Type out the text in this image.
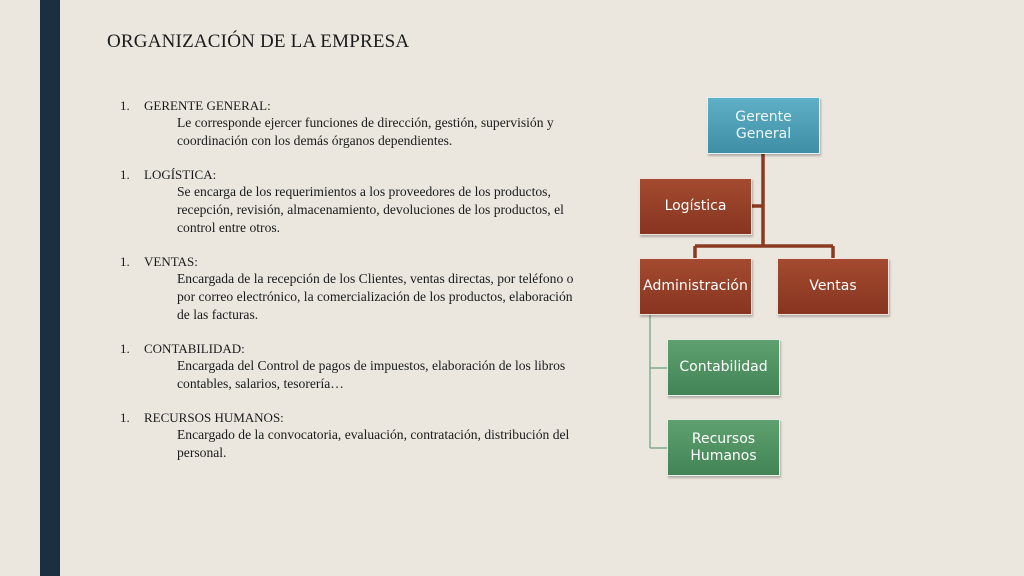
ORGANIZACIÓN DE LA EMPRESA
1. GERENTE GENERAL:
Le corresponde ejercer funciones de dirección, gestión, supervisión y coordinación con los demás órganos dependientes.
1. LOGÍSTICA:
Se encarga de los requerimientos a los proveedores de los productos, recepción, revisión, almacenamiento, devoluciones de los productos, el control entre otros.
1. VENTAS:
Encargada de la recepción de los Clientes, ventas directas, por teléfono o por correo electrónico, la comercialización de los productos, elaboración de las facturas.
1. CONTABILIDAD:
Encargada del Control de pagos de impuestos, elaboración de los libros contables, salarios, tesorería…
1. RECURSOS HUMANOS:
Encargado de la convocatoria, evaluación, contratación, distribución del personal.
Gerente General
Logística
Administración	Ventas
Contabilidad
Recursos Humanos
